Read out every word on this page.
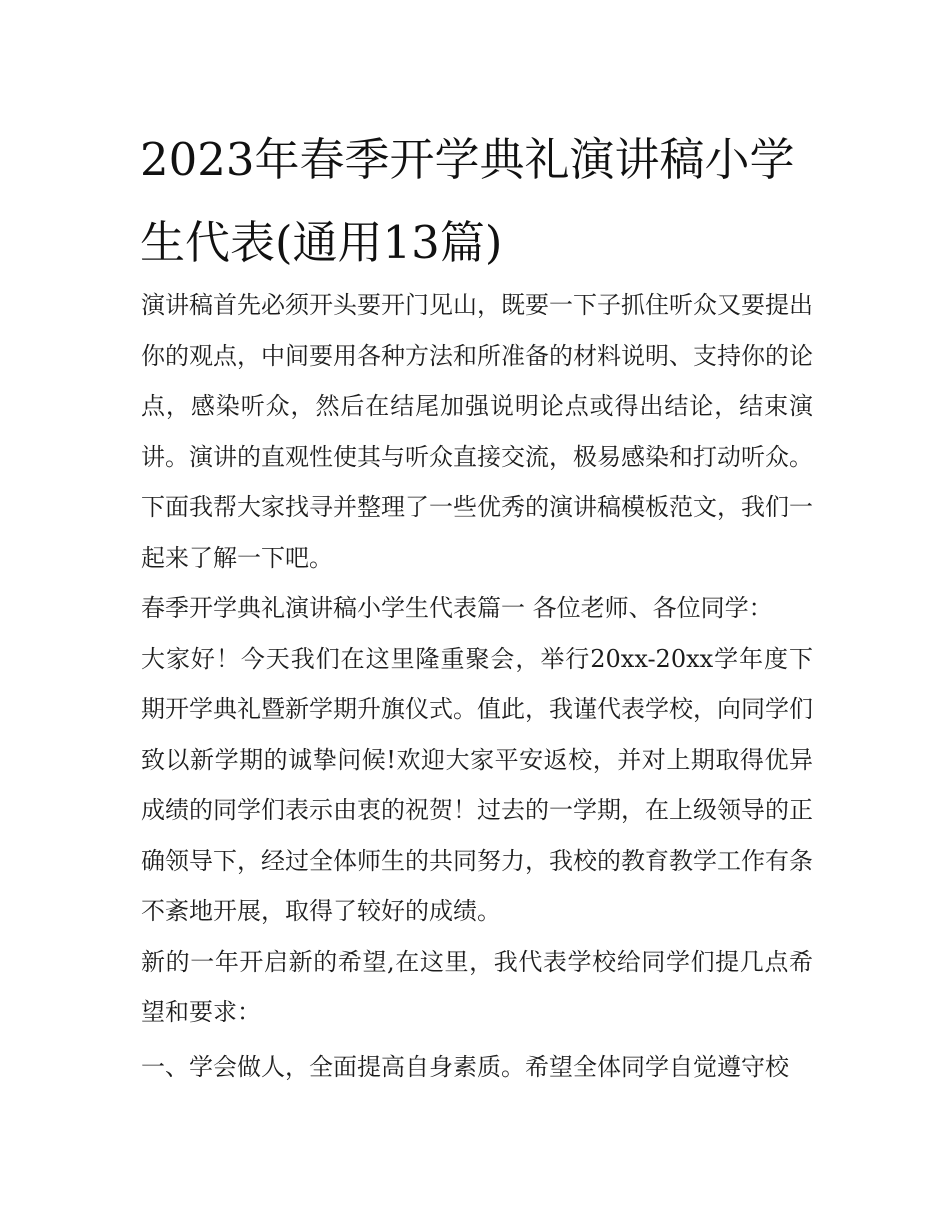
2023年春季开学典礼演讲稿小学生代表(通用13篇)

演讲稿首先必须开头要开门见山，既要一下子抓住听众又要提出你的观点，中间要用各种方法和所准备的材料说明、支持你的论点，感染听众，然后在结尾加强说明论点或得出结论，结束演讲。演讲的直观性使其与听众直接交流，极易感染和打动听众。下面我帮大家找寻并整理了一些优秀的演讲稿模板范文，我们一起来了解一下吧。

春季开学典礼演讲稿小学生代表篇一 各位老师、各位同学：

大家好！今天我们在这里隆重聚会，举行20xx-20xx学年度下期开学典礼暨新学期升旗仪式。值此，我谨代表学校，向同学们致以新学期的诚挚问候!欢迎大家平安返校，并对上期取得优异成绩的同学们表示由衷的祝贺！过去的一学期，在上级领导的正确领导下，经过全体师生的共同努力，我校的教育教学工作有条不紊地开展，取得了较好的成绩。

新的一年开启新的希望,在这里，我代表学校给同学们提几点希望和要求：

一、学会做人，全面提高自身素质。希望全体同学自觉遵守校
